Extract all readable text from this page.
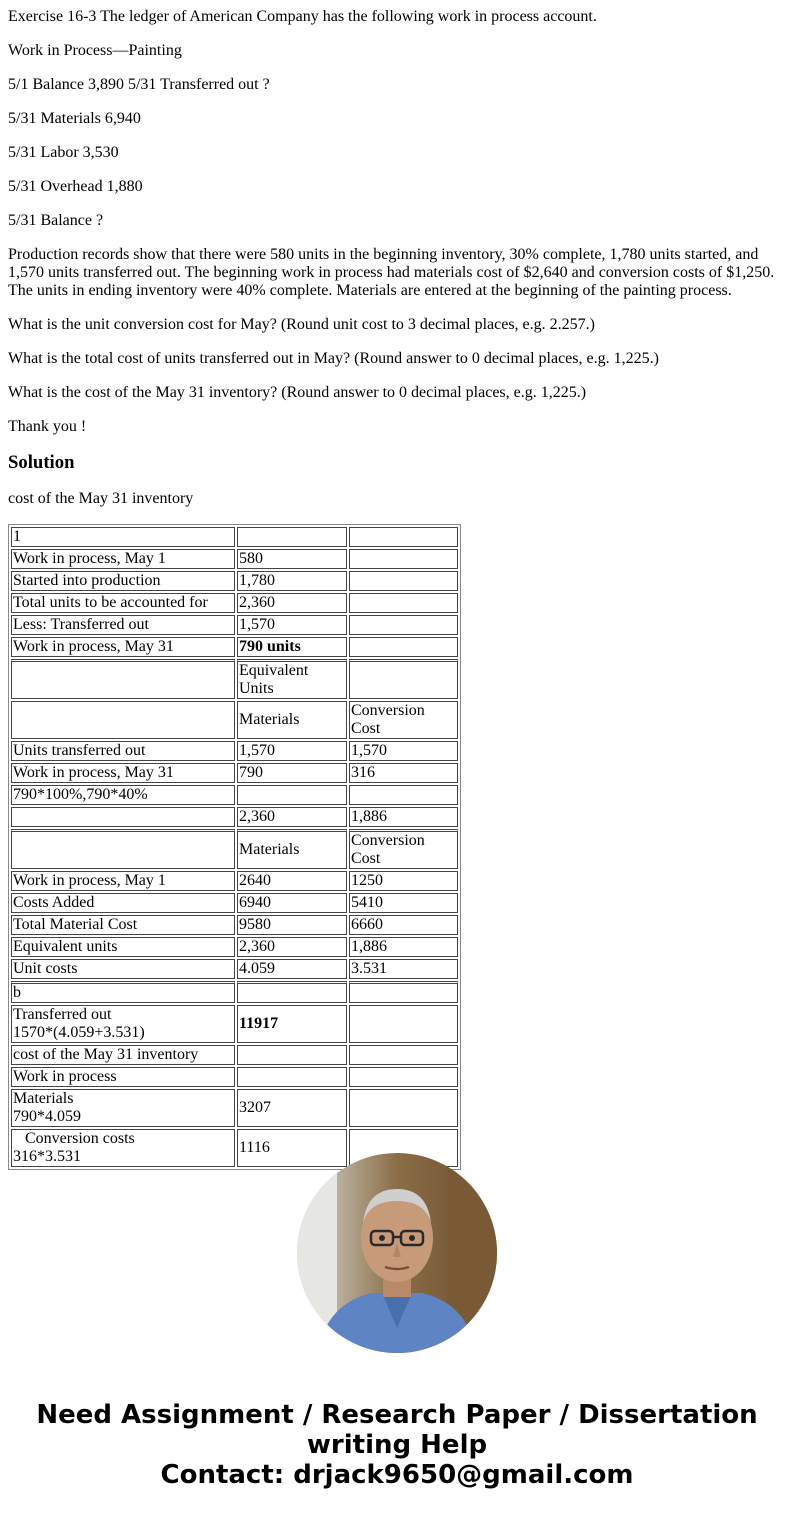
Exercise 16-3 The ledger of American Company has the following work in process account.

Work in Process—Painting

5/1 Balance 3,890 5/31 Transferred out ?

5/31 Materials 6,940

5/31 Labor 3,530

5/31 Overhead 1,880

5/31 Balance ?

Production records show that there were 580 units in the beginning inventory, 30% complete, 1,780 units started, and 1,570 units transferred out. The beginning work in process had materials cost of $2,640 and conversion costs of $1,250. The units in ending inventory were 40% complete. Materials are entered at the beginning of the painting process.

What is the unit conversion cost for May? (Round unit cost to 3 decimal places, e.g. 2.257.)

What is the total cost of units transferred out in May? (Round answer to 0 decimal places, e.g. 1,225.)

What is the cost of the May 31 inventory? (Round answer to 0 decimal places, e.g. 1,225.)

Thank you !

Solution

cost of the May 31 inventory

1		
Work in process, May 1	580	
Started into production	1,780	
Total units to be accounted for	2,360	
Less: Transferred out	1,570	
Work in process, May 31	790 units	
	Equivalent Units	
	Materials	Conversion Cost
Units transferred out	1,570	1,570
Work in process, May 31	790	316
790*100%,790*40%		
	2,360	1,886
	Materials	Conversion Cost
Work in process, May 1	2640	1250
Costs Added	6940	5410
Total Material Cost	9580	6660
Equivalent units	2,360	1,886
Unit costs	4.059	3.531
b		

Transferred out
1570*(4.059+3.531)	11917	
cost of the May 31 inventory		
Work in process		

Materials
790*4.059	3207	

Conversion costs
316*3.531	1116	
Need Assignment / Research Paper / Dissertation
writing Help
Contact: drjack9650@gmail.com
